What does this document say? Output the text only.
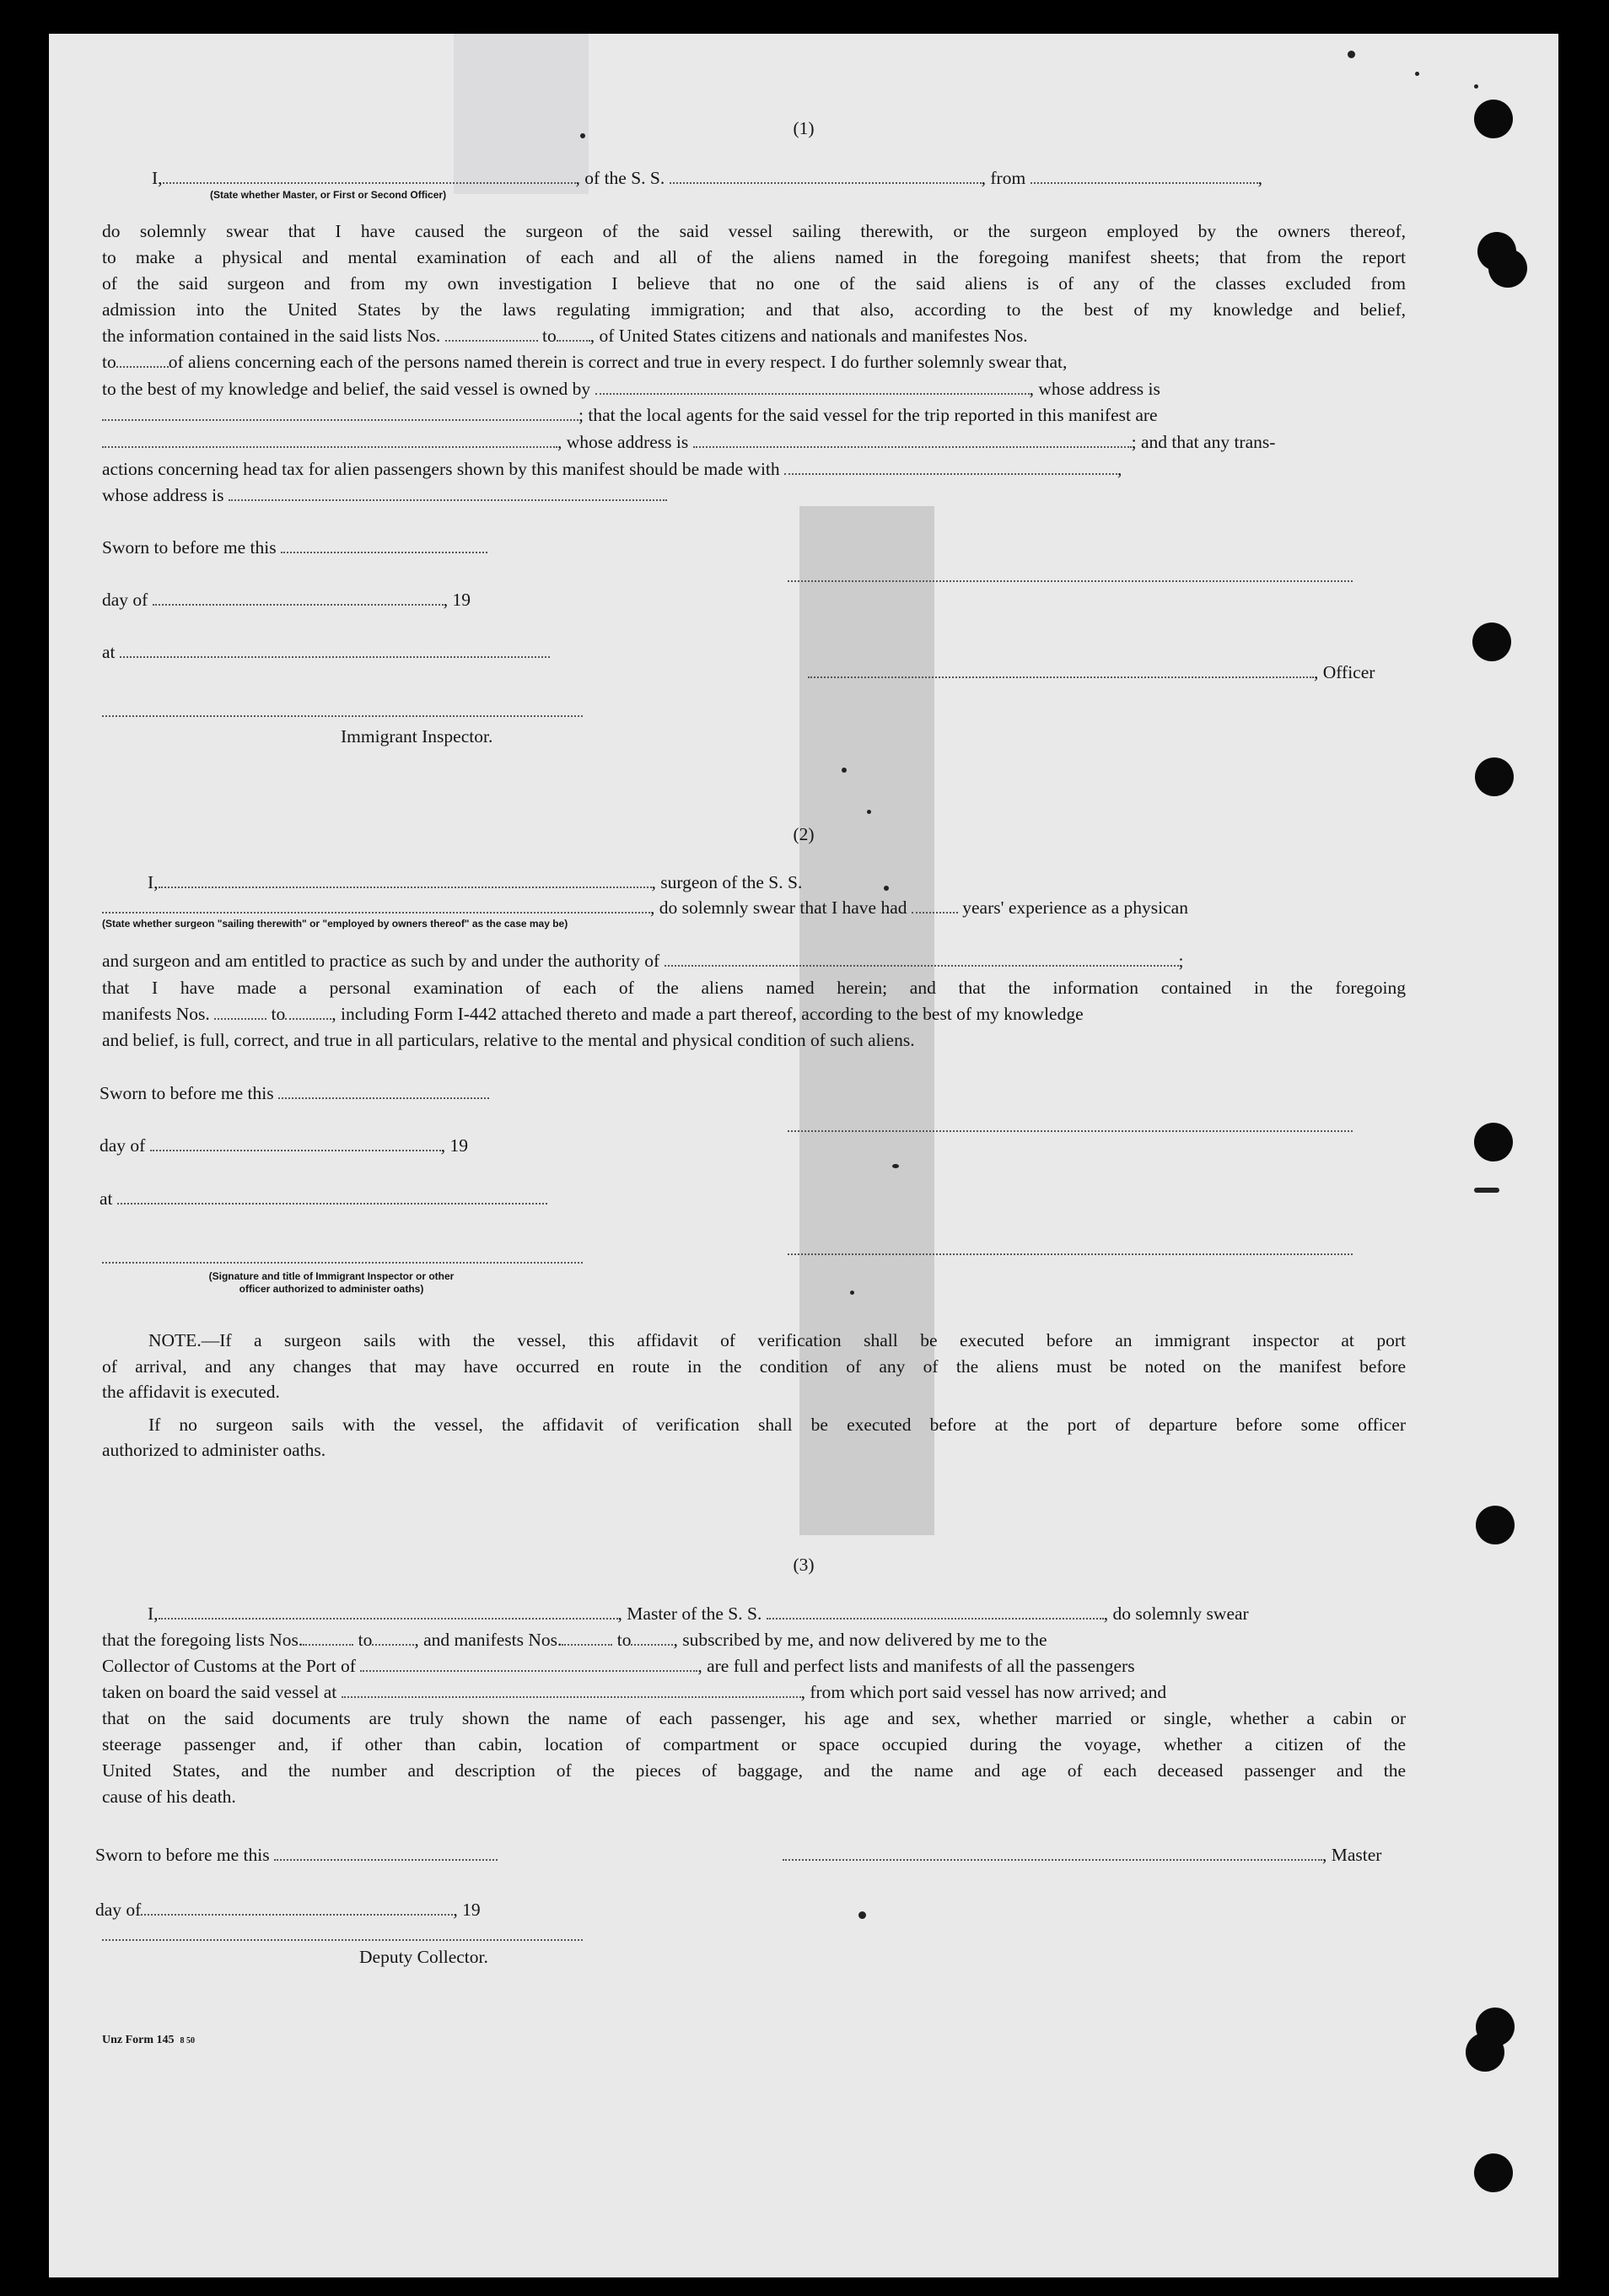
(1)
I,	, of the S. S.	, from	,
(State whether Master, or First or Second Officer)
do solemnly swear that I have caused the surgeon of the said vessel sailing therewith, or the surgeon employed by the owners thereof,
to make a physical and mental examination of each and all of the aliens named in the foregoing manifest sheets; that from the report
of the said surgeon and from my own investigation I believe that no one of the said aliens is of any of the classes excluded from
admission into the United States by the laws regulating immigration; and that also, according to the best of my knowledge and belief,
the information contained in the said lists Nos.	to , of United States citizens and nationals and manifestes Nos.
to	of aliens concerning each of the persons named therein is correct and true in every respect. I do further solemnly swear that,
to the best of my knowledge and belief, the said vessel is owned by	, whose address is
; that the local agents for the said vessel for the trip reported in this manifest are
, whose address is	; and that any trans-
actions concerning head tax for alien passengers shown by this manifest should be made with	,
whose address is
Sworn to before me this
day of	, 19
at
, Officer
Immigrant Inspector.
(2)
I,	, surgeon of the S. S.
, do solemnly swear that I have had	years' experience as a physican
(State whether surgeon "sailing therewith" or "employed by owners thereof" as the case may be)
and surgeon and am entitled to practice as such by and under the authority of	;
that I have made a personal examination of each of the aliens named herein; and that the information contained in the foregoing
manifests Nos.	to	, including Form I-442 attached thereto and made a part thereof, according to the best of my knowledge
and belief, is full, correct, and true in all particulars, relative to the mental and physical condition of such aliens.
Sworn to before me this
day of	, 19
at
(Signature and title of Immigrant Inspector or other
officer authorized to administer oaths)
NOTE.—If a surgeon sails with the vessel, this affidavit of verification shall be executed before an immigrant inspector at port
of arrival, and any changes that may have occurred en route in the condition of any of the aliens must be noted on the manifest before
the affidavit is executed.
If no surgeon sails with the vessel, the affidavit of verification shall be executed before at the port of departure before some officer
authorized to administer oaths.
(3)
I,	, Master of the S. S.	, do solemnly swear
that the foregoing lists Nos.	to , and manifests Nos.	to , subscribed by me, and now delivered by me to the
Collector of Customs at the Port of	, are full and perfect lists and manifests of all the passengers
taken on board the said vessel at	, from which port said vessel has now arrived; and
that on the said documents are truly shown the name of each passenger, his age and sex, whether married or single, whether a cabin or
steerage passenger and, if other than cabin, location of compartment or space occupied during the voyage, whether a citizen of the
United States, and the number and description of the pieces of baggage, and the name and age of each deceased passenger and the
cause of his death.
Sworn to before me this	, Master
day of	, 19
Deputy Collector.
Unz Form 145 8 50
